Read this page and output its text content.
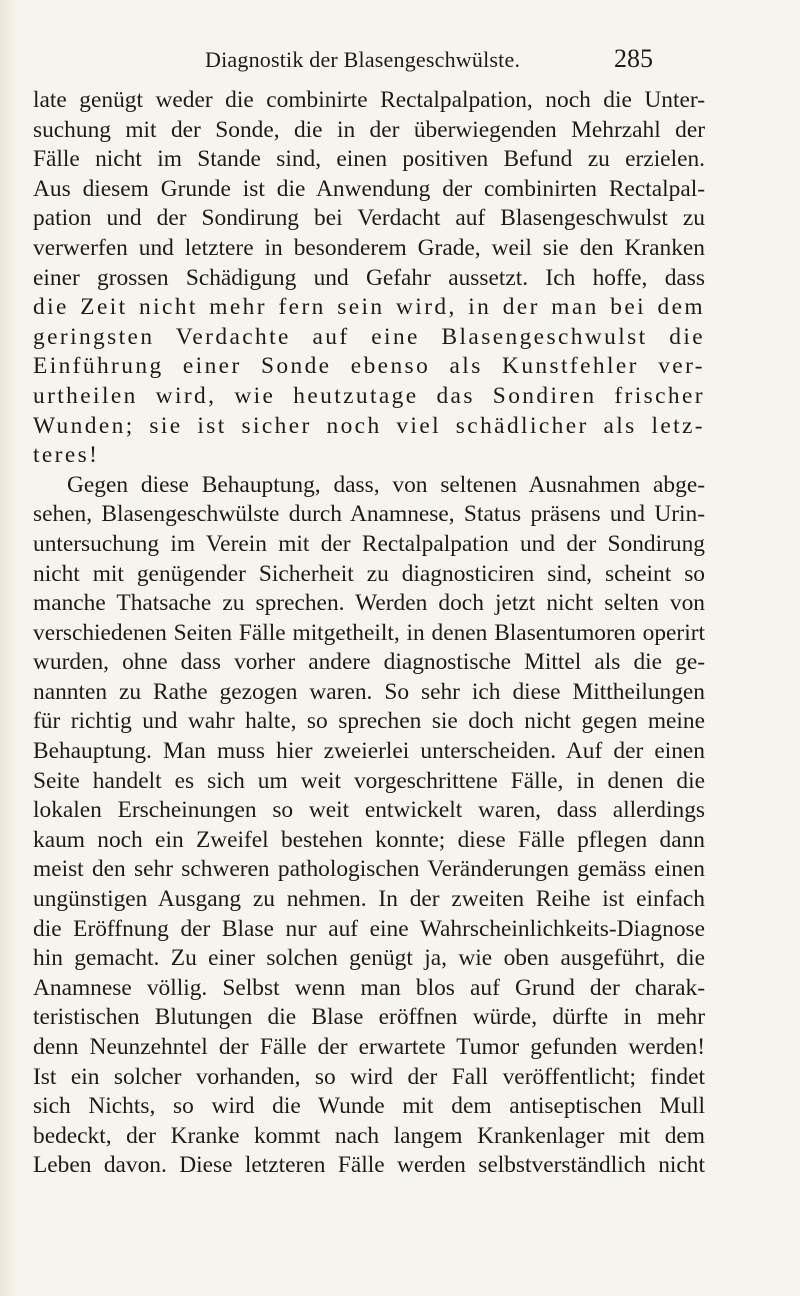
Diagnostik der Blasengeschwülste.	285
late genügt weder die combinirte Rectalpalpation, noch die Unter-
suchung mit der Sonde, die in der überwiegenden Mehrzahl der
Fälle nicht im Stande sind, einen positiven Befund zu erzielen.
Aus diesem Grunde ist die Anwendung der combinirten Rectalpal-
pation und der Sondirung bei Verdacht auf Blasengeschwulst zu
verwerfen und letztere in besonderem Grade, weil sie den Kranken
einer grossen Schädigung und Gefahr aussetzt. Ich hoffe, dass
die Zeit nicht mehr fern sein wird, in der man bei dem
geringsten Verdachte auf eine Blasengeschwulst die
Einführung einer Sonde ebenso als Kunstfehler ver-
urtheilen wird, wie heutzutage das Sondiren frischer
Wunden; sie ist sicher noch viel schädlicher als letz-
teres!
Gegen diese Behauptung, dass, von seltenen Ausnahmen abge-
sehen, Blasengeschwülste durch Anamnese, Status präsens und Urin-
untersuchung im Verein mit der Rectalpalpation und der Sondirung
nicht mit genügender Sicherheit zu diagnosticiren sind, scheint so
manche Thatsache zu sprechen. Werden doch jetzt nicht selten von
verschiedenen Seiten Fälle mitgetheilt, in denen Blasentumoren operirt
wurden, ohne dass vorher andere diagnostische Mittel als die ge-
nannten zu Rathe gezogen waren. So sehr ich diese Mittheilungen
für richtig und wahr halte, so sprechen sie doch nicht gegen meine
Behauptung. Man muss hier zweierlei unterscheiden. Auf der einen
Seite handelt es sich um weit vorgeschrittene Fälle, in denen die
lokalen Erscheinungen so weit entwickelt waren, dass allerdings
kaum noch ein Zweifel bestehen konnte; diese Fälle pflegen dann
meist den sehr schweren pathologischen Veränderungen gemäss einen
ungünstigen Ausgang zu nehmen. In der zweiten Reihe ist einfach
die Eröffnung der Blase nur auf eine Wahrscheinlichkeits-Diagnose
hin gemacht. Zu einer solchen genügt ja, wie oben ausgeführt, die
Anamnese völlig. Selbst wenn man blos auf Grund der charak-
teristischen Blutungen die Blase eröffnen würde, dürfte in mehr
denn Neunzehntel der Fälle der erwartete Tumor gefunden werden!
Ist ein solcher vorhanden, so wird der Fall veröffentlicht; findet
sich Nichts, so wird die Wunde mit dem antiseptischen Mull
bedeckt, der Kranke kommt nach langem Krankenlager mit dem
Leben davon. Diese letzteren Fälle werden selbstverständlich nicht
